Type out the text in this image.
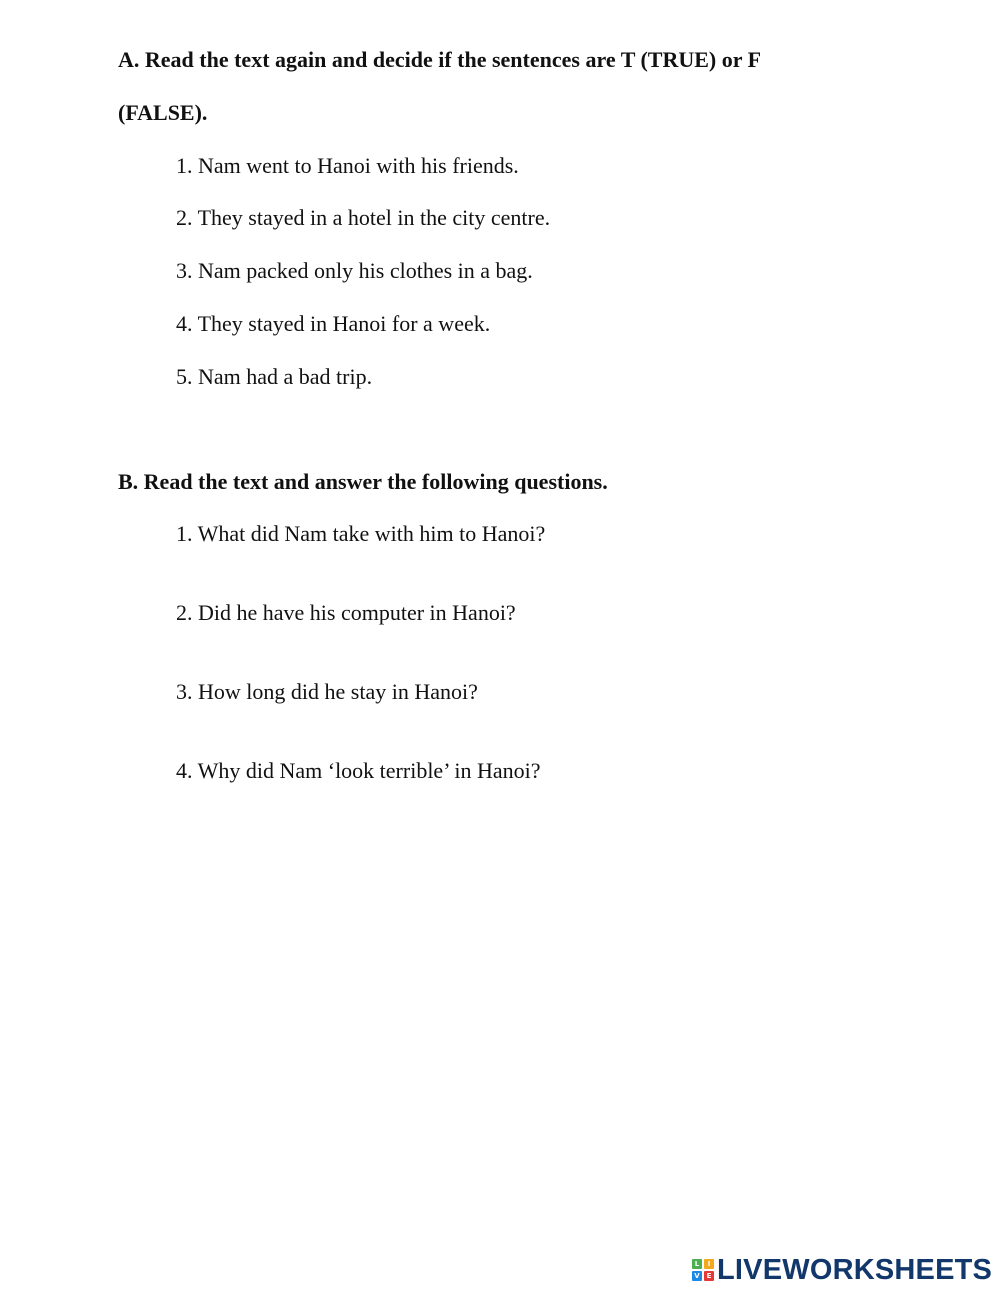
A. Read the text again and decide if the sentences are T (TRUE) or F
(FALSE).
1. Nam went to Hanoi with his friends.
2. They stayed in a hotel in the city centre.
3. Nam packed only his clothes in a bag.
4. They stayed in Hanoi for a week.
5. Nam had a bad trip.
B. Read the text and answer the following questions.
1. What did Nam take with him to Hanoi?
2. Did he have his computer in Hanoi?
3. How long did he stay in Hanoi?
4. Why did Nam ‘look terrible’ in Hanoi?
L	I
V E LIVEWORKSHEETS
